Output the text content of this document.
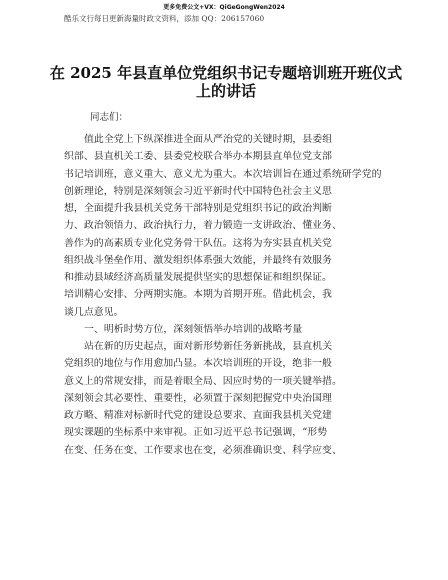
更多免费公文+VX：QiGeGongWen2024
酷乐文行每日更新海量时政文资料，添加 QQ：206157060
在 2025 年县直单位党组织书记专题培训班开班仪式上的讲话
同志们：
值此全党上下纵深推进全面从严治党的关键时期，县委组
织部、县直机关工委、县委党校联合举办本期县直单位党支部
书记培训班，意义重大、意义尤为重大。本次培训旨在通过系统研学党的
创新理论，特别是深刻领会习近平新时代中国特色社会主义思
想，全面提升我县机关党务干部特别是党组织书记的政治判断
力、政治领悟力、政治执行力，着力锻造一支讲政治、懂业务、
善作为的高素质专业化党务骨干队伍。这将为夯实县直机关党
组织战斗堡垒作用、激发组织体系强大效能，并最终有效服务
和推动县域经济高质量发展提供坚实的思想保证和组织保证。
培训精心安排、分两期实施。本期为首期开班。借此机会，我
谈几点意见。
一、明析时势方位，深刻领悟举办培训的战略考量
站在新的历史起点，面对新形势新任务新挑战，县直机关
党组织的地位与作用愈加凸显。本次培训班的开设，绝非一般
意义上的常规安排，而是着眼全局、因应时势的一项关键举措。
深刻领会其必要性、重要性，必须置于深刻把握党中央治国理
政方略、精准对标新时代党的建设总要求、直面我县机关党建
现实课题的坐标系中来审视。正如习近平总书记强调，“形势
在变、任务在变、工作要求也在变，必须准确识变、科学应变、
